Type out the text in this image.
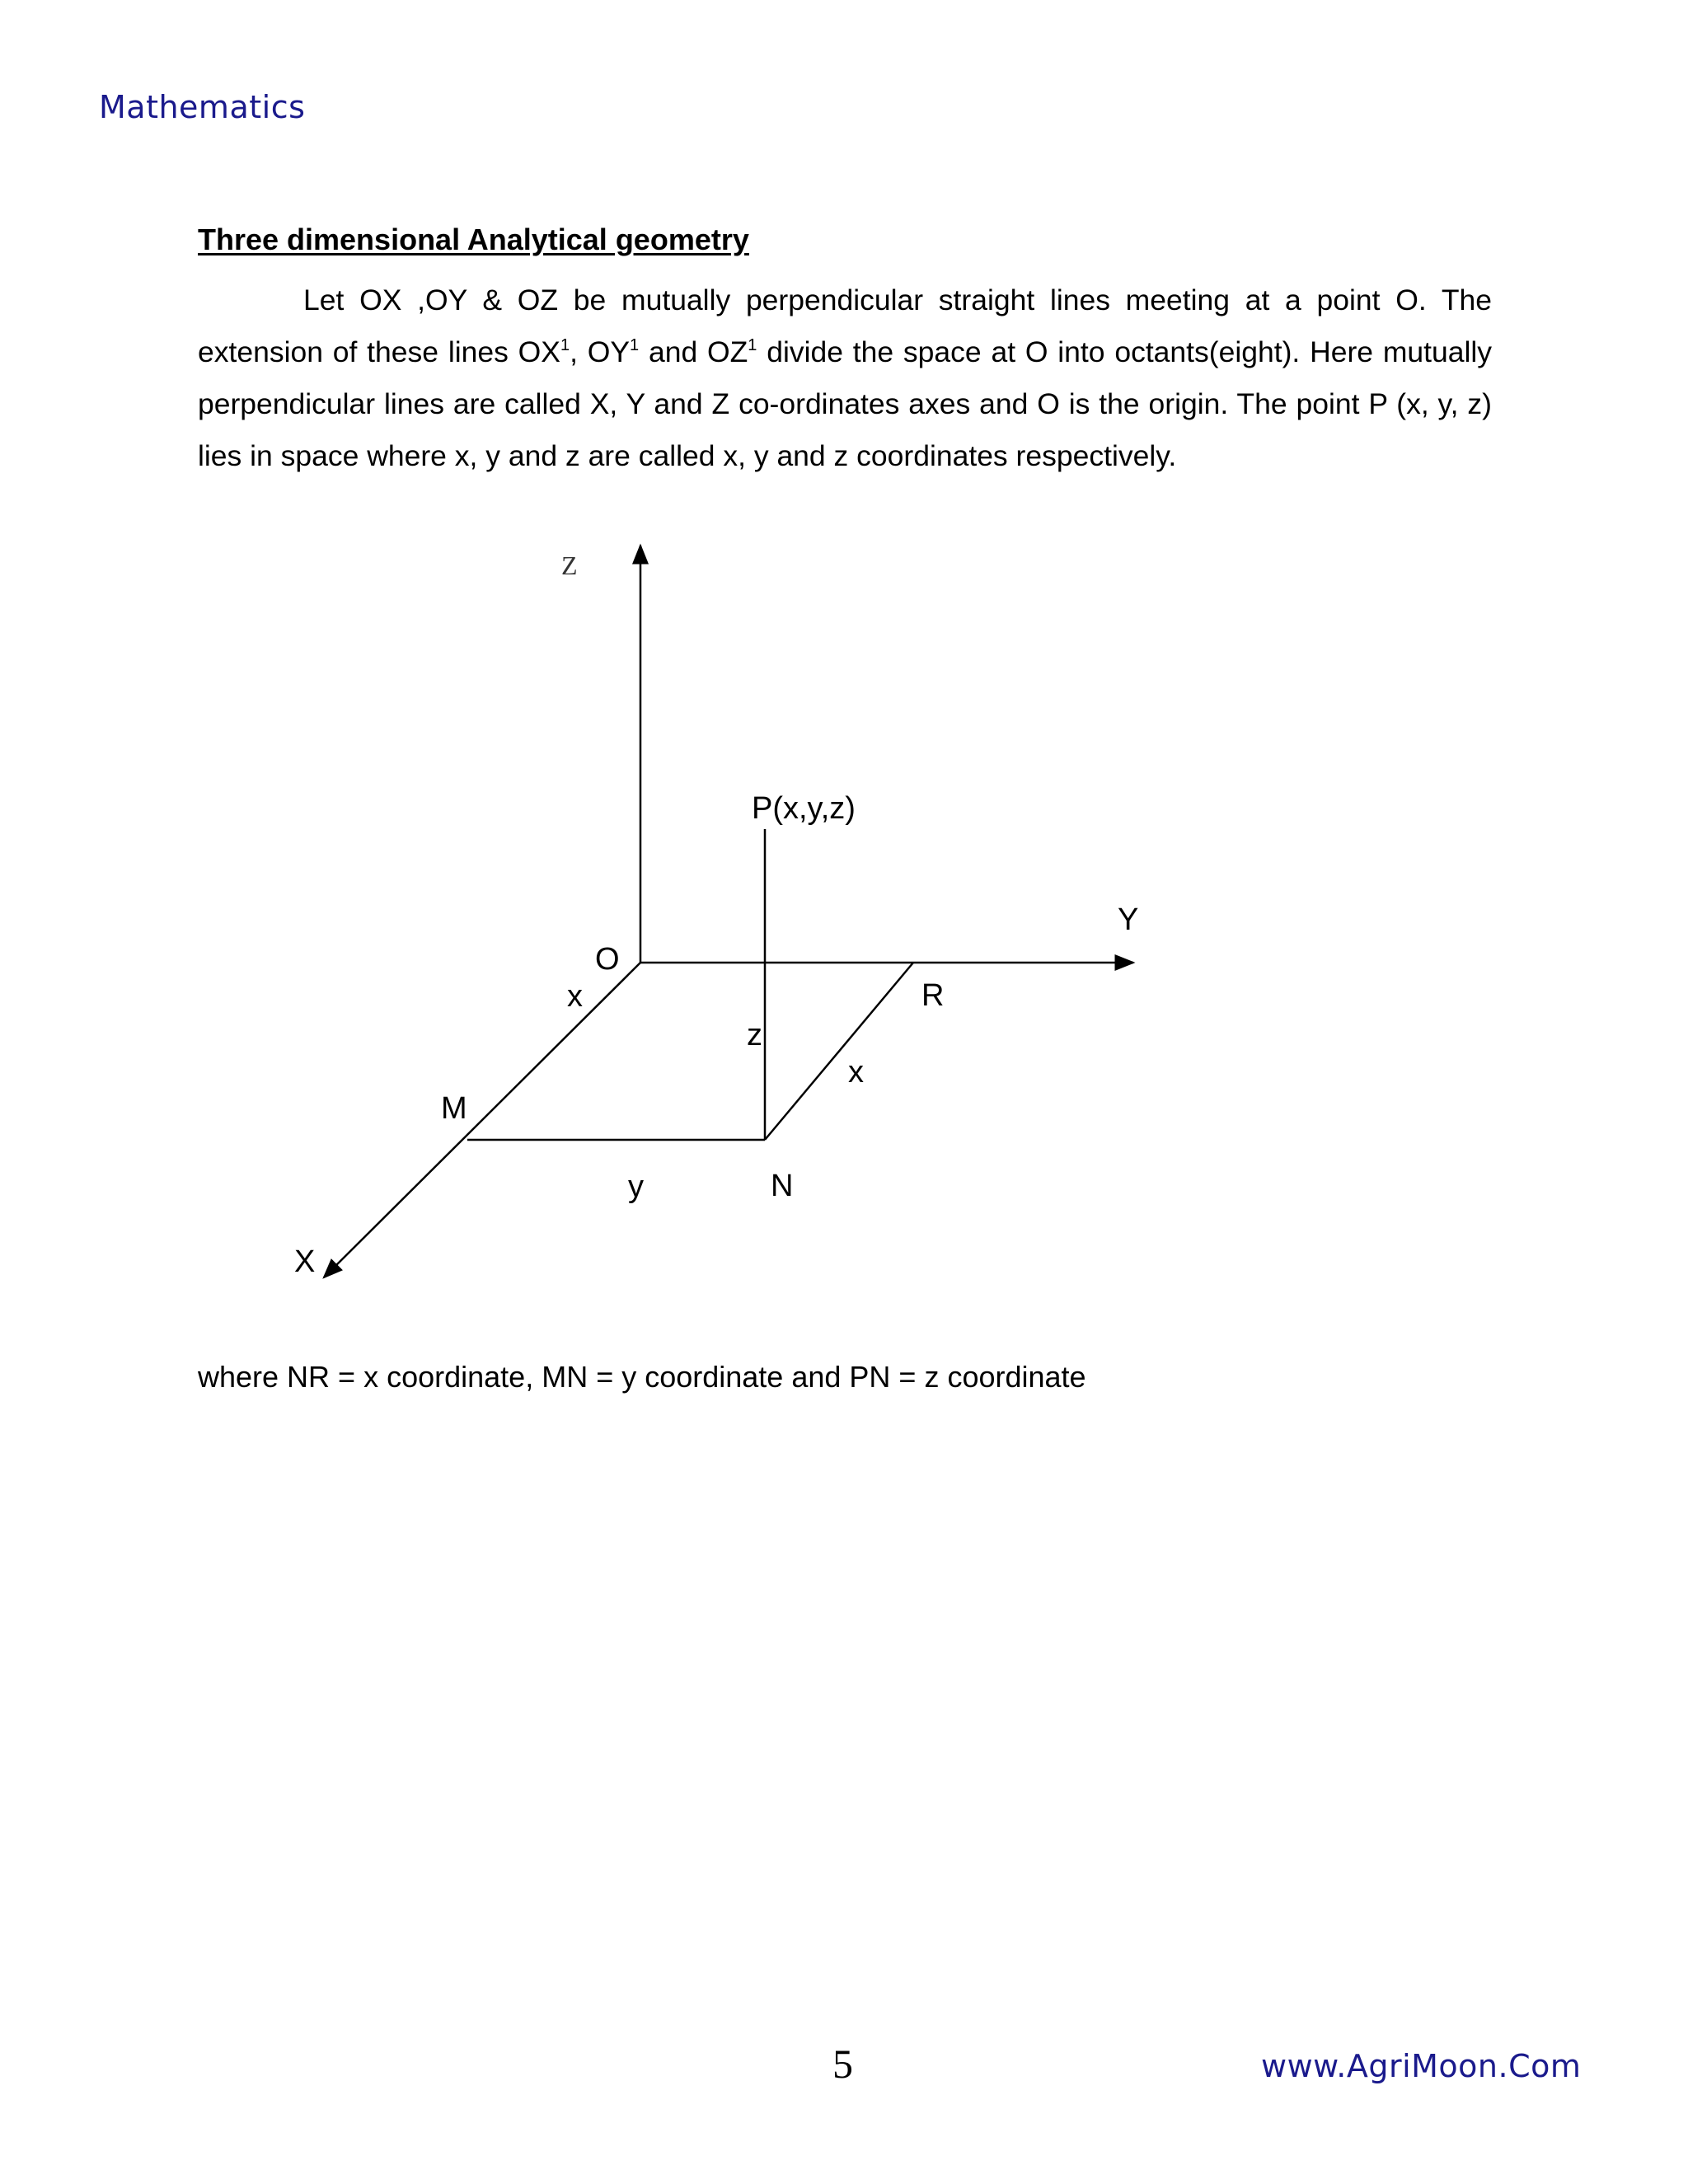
Mathematics
Three dimensional Analytical geometry

Let OX ,OY & OZ be mutually perpendicular straight lines meeting at a point O. The extension of these lines $OX^1$, $OY^1$ and $OZ^1$ divide the space at O into octants(eight). Here mutually perpendicular lines are called X, Y and Z co-ordinates axes and O is the origin. The point P (x, y, z) lies in space where x, y and z are called x, y and z coordinates respectively.

Z
P(x,y,z)
Y
O
x	R
z
x
M
y	N
X
where NR = x coordinate, MN = y coordinate and PN = z coordinate
5	www.AgriMoon.Com
